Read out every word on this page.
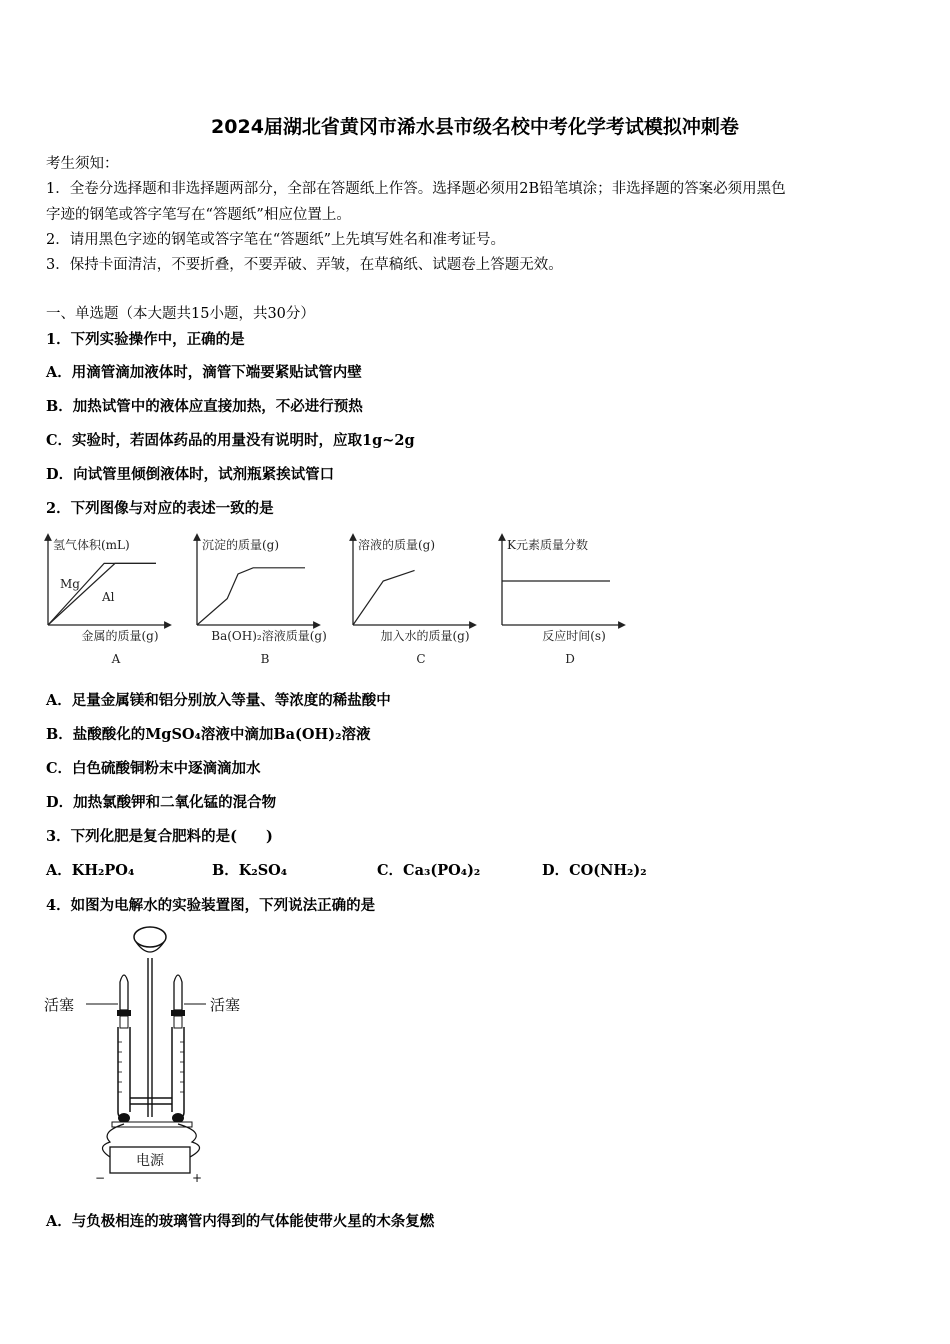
2024届湖北省黄冈市浠水县市级名校中考化学考试模拟冲刺卷
考生须知：
1．全卷分选择题和非选择题两部分，全部在答题纸上作答。选择题必须用2B铅笔填涂；非选择题的答案必须用黑色
字迹的钢笔或答字笔写在“答题纸”相应位置上。
2．请用黑色字迹的钢笔或答字笔在“答题纸”上先填写姓名和准考证号。
3．保持卡面清洁，不要折叠，不要弄破、弄皱，在草稿纸、试题卷上答题无效。
一、单选题（本大题共15小题，共30分）
1．下列实验操作中，正确的是
A．用滴管滴加液体时，滴管下端要紧贴试管内壁
B．加热试管中的液体应直接加热，不必进行预热
C．实验时，若固体药品的用量没有说明时，应取1g~2g
D．向试管里倾倒液体时，试剂瓶紧挨试管口
2．下列图像与对应的表述一致的是
氢气体积(mL)
金属的质量(g)
A
Mg
Al
沉淀的质量(g)
Ba(OH)₂溶液质量(g)
B
溶液的质量(g)
加入水的质量(g)
C
K元素质量分数
反应时间(s)
D
A．足量金属镁和铝分别放入等量、等浓度的稀盐酸中
B．盐酸酸化的MgSO₄溶液中滴加Ba(OH)₂溶液
C．白色硫酸铜粉末中逐滴滴加水
D．加热氯酸钾和二氧化锰的混合物
3．下列化肥是复合肥料的是(　　)
A．KH₂PO₄	B．K₂SO₄	C．Ca₃(PO₄)₂	D．CO(NH₂)₂
4．如图为电解水的实验装置图，下列说法正确的是
电源
−	+
活塞	活塞
A．与负极相连的玻璃管内得到的气体能使带火星的木条复燃
